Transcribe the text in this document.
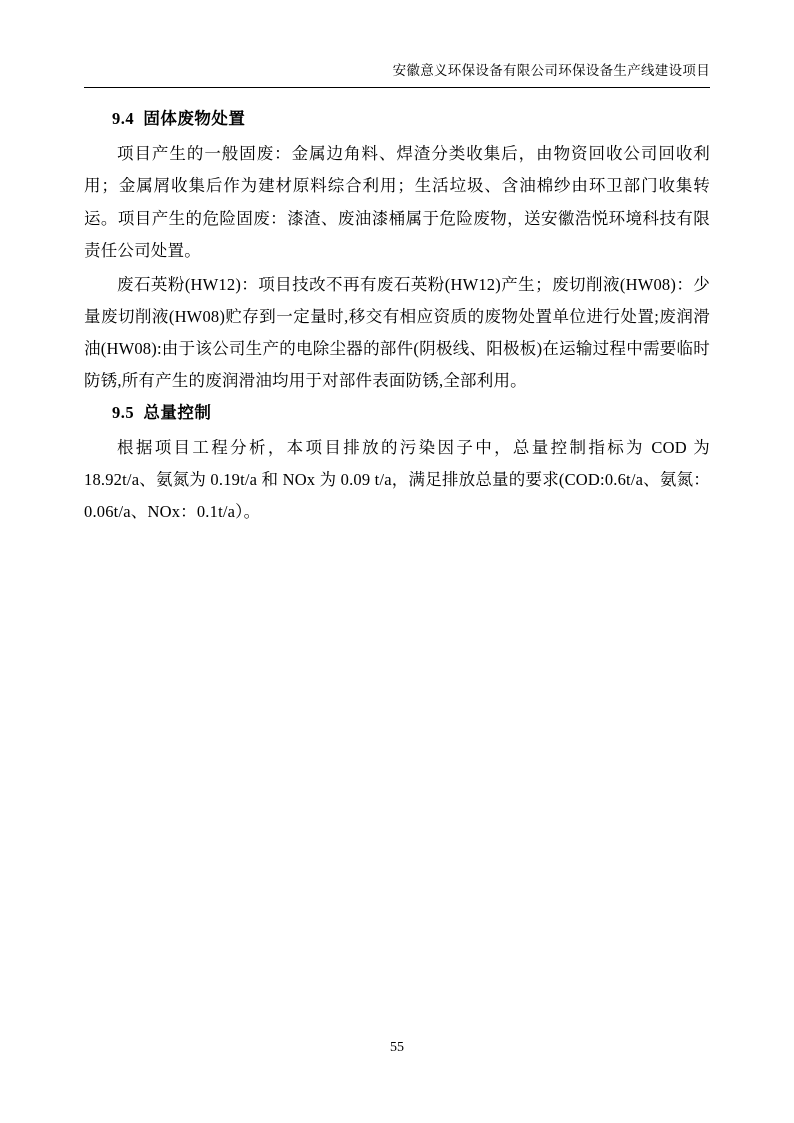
安徽意义环保设备有限公司环保设备生产线建设项目
9.4 固体废物处置

项目产生的一般固废：金属边角料、焊渣分类收集后，由物资回收公司回收利用；金属屑收集后作为建材原料综合利用；生活垃圾、含油棉纱由环卫部门收集转运。项目产生的危险固废：漆渣、废油漆桶属于危险废物，送安徽浩悦环境科技有限责任公司处置。

废石英粉(HW12)：项目技改不再有废石英粉(HW12)产生；废切削液(HW08)：少量废切削液(HW08)贮存到一定量时,移交有相应资质的废物处置单位进行处置;废润滑油(HW08):由于该公司生产的电除尘器的部件(阴极线、阳极板)在运输过程中需要临时防锈,所有产生的废润滑油均用于对部件表面防锈,全部利用。

9.5 总量控制

根据项目工程分析，本项目排放的污染因子中，总量控制指标为 COD 为 18.92t/a、氨氮为 0.19t/a 和 NOx 为 0.09 t/a，满足排放总量的要求(COD:0.6t/a、氨氮：0.06t/a、NOx：0.1t/a）。

55
